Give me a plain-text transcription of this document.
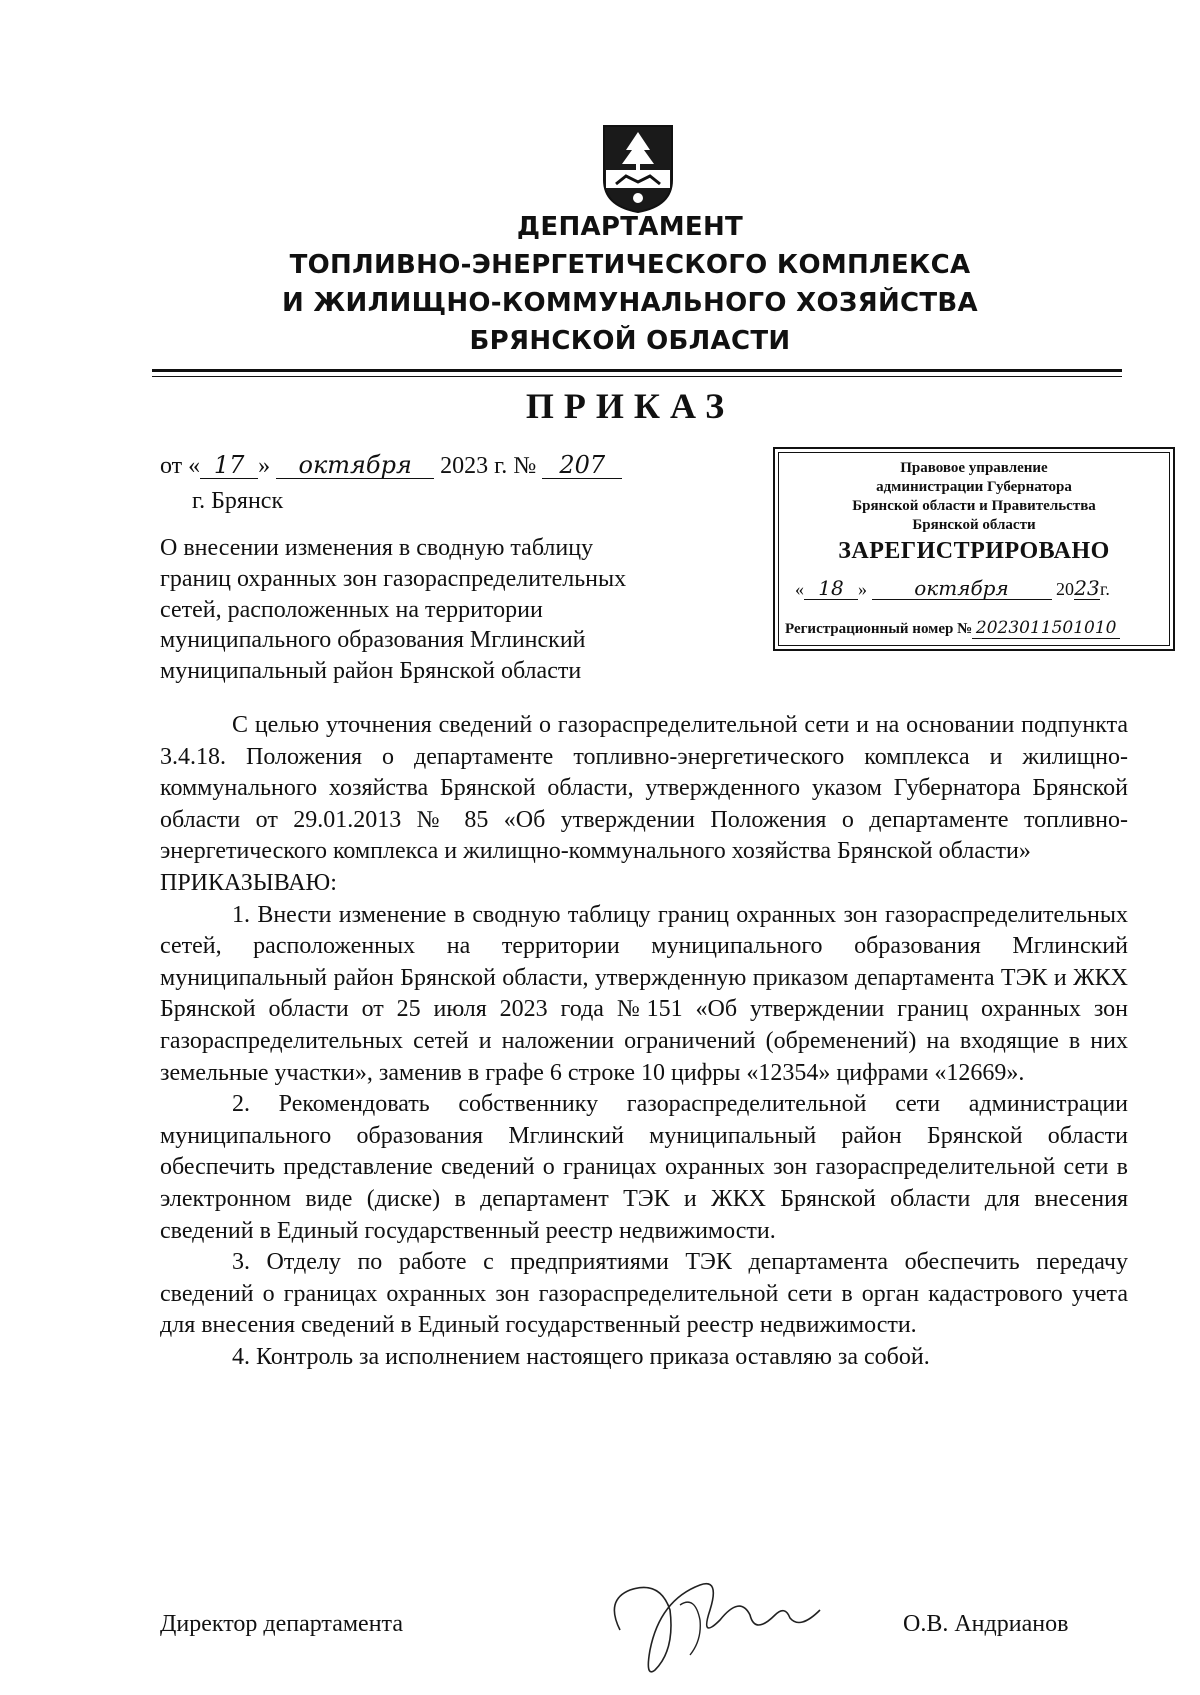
ДЕПАРТАМЕНТ
ТОПЛИВНО-ЭНЕРГЕТИЧЕСКОГО КОМПЛЕКСА
И ЖИЛИЩНО-КОММУНАЛЬНОГО ХОЗЯЙСТВА
БРЯНСКОЙ ОБЛАСТИ
ПРИКАЗ
от « 17 » октября 2023 г. № 207
г. Брянск
О внесении изменения в сводную таблицу
границ охранных зон газораспределительных
сетей, расположенных на территории
муниципального образования Мглинский
муниципальный район Брянской области
Правовое управление
администрации Губернатора
Брянской области и Правительства
Брянской области
ЗАРЕГИСТРИРОВАНО
« 18 » октября	2023г.
Регистрационный номер № 2023011501010

С целью уточнения сведений о газораспределительной сети и на основании подпункта 3.4.18. Положения о департаменте топливно-энергетического комплекса и жилищно-коммунального хозяйства Брянской области, утвержденного указом Губернатора Брянской области от 29.01.2013 № 85 «Об утверждении Положения о департаменте топливно-энергетического комплекса и жилищно-коммунального хозяйства Брянской области»

ПРИКАЗЫВАЮ:

1. Внести изменение в сводную таблицу границ охранных зон газораспределительных сетей, расположенных на территории муниципального образования Мглинский муниципальный район Брянской области, утвержденную приказом департамента ТЭК и ЖКХ Брянской области от 25 июля 2023 года №151 «Об утверждении границ охранных зон газораспределительных сетей и наложении ограничений (обременений) на входящие в них земельные участки», заменив в графе 6 строке 10 цифры «12354» цифрами «12669».

2. Рекомендовать собственнику газораспределительной сети администрации муниципального образования Мглинский муниципальный район Брянской области обеспечить представление сведений о границах охранных зон газораспределительной сети в электронном виде (диске) в департамент ТЭК и ЖКХ Брянской области для внесения сведений в Единый государственный реестр недвижимости.

3. Отделу по работе с предприятиями ТЭК департамента обеспечить передачу сведений о границах охранных зон газораспределительной сети в орган кадастрового учета для внесения сведений в Единый государственный реестр недвижимости.

4. Контроль за исполнением настоящего приказа оставляю за собой.

Директор департамента	О.В. Андрианов
